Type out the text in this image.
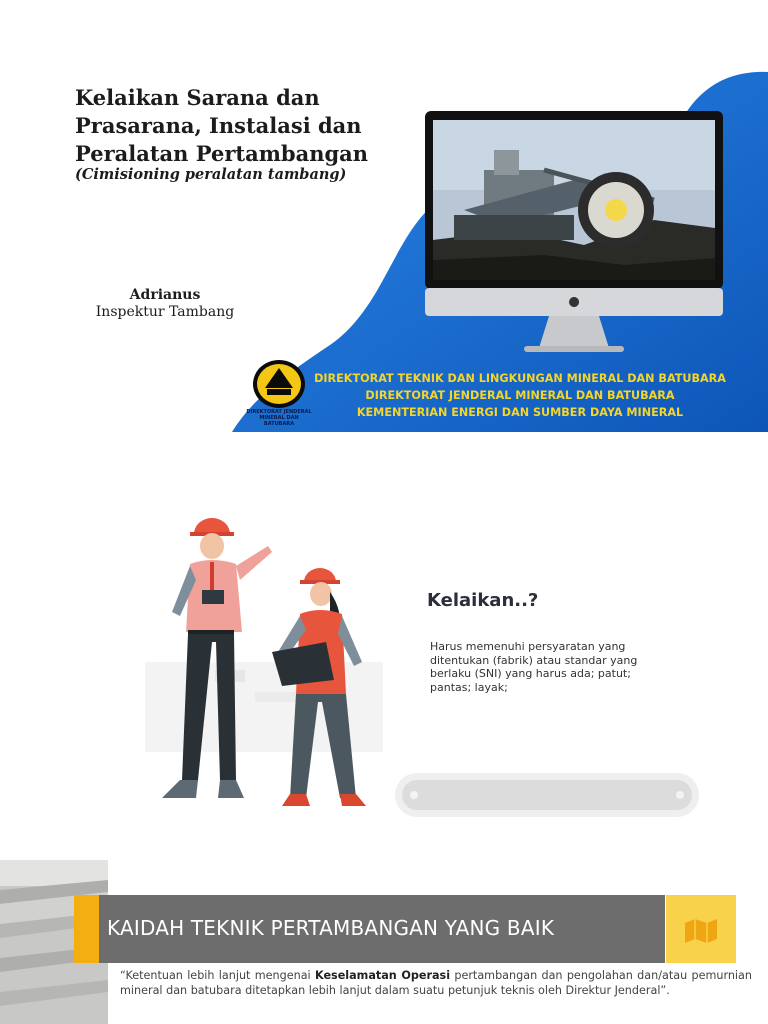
Kelaikan Sarana dan Prasarana, Instalasi dan Peralatan Pertambangan
(Cimisioning peralatan tambang)
Adrianus
Inspektur Tambang
DIREKTORAT JENDERAL MINERAL DAN BATUBARA
DIREKTORAT TEKNIK DAN LINGKUNGAN MINERAL DAN BATUBARA
DIREKTORAT JENDERAL MINERAL DAN BATUBARA
KEMENTERIAN ENERGI DAN SUMBER DAYA MINERAL
Kelaikan..?
Harus memenuhi persyaratan yang ditentukan (fabrik) atau standar yang berlaku (SNI) yang harus ada; patut; pantas; layak;
KAIDAH TEKNIK PERTAMBANGAN YANG BAIK
“Ketentuan lebih lanjut mengenai Keselamatan Operasi pertambangan dan pengolahan dan/atau pemurnian mineral dan batubara ditetapkan lebih lanjut dalam suatu petunjuk teknis oleh Direktur Jenderal”.
